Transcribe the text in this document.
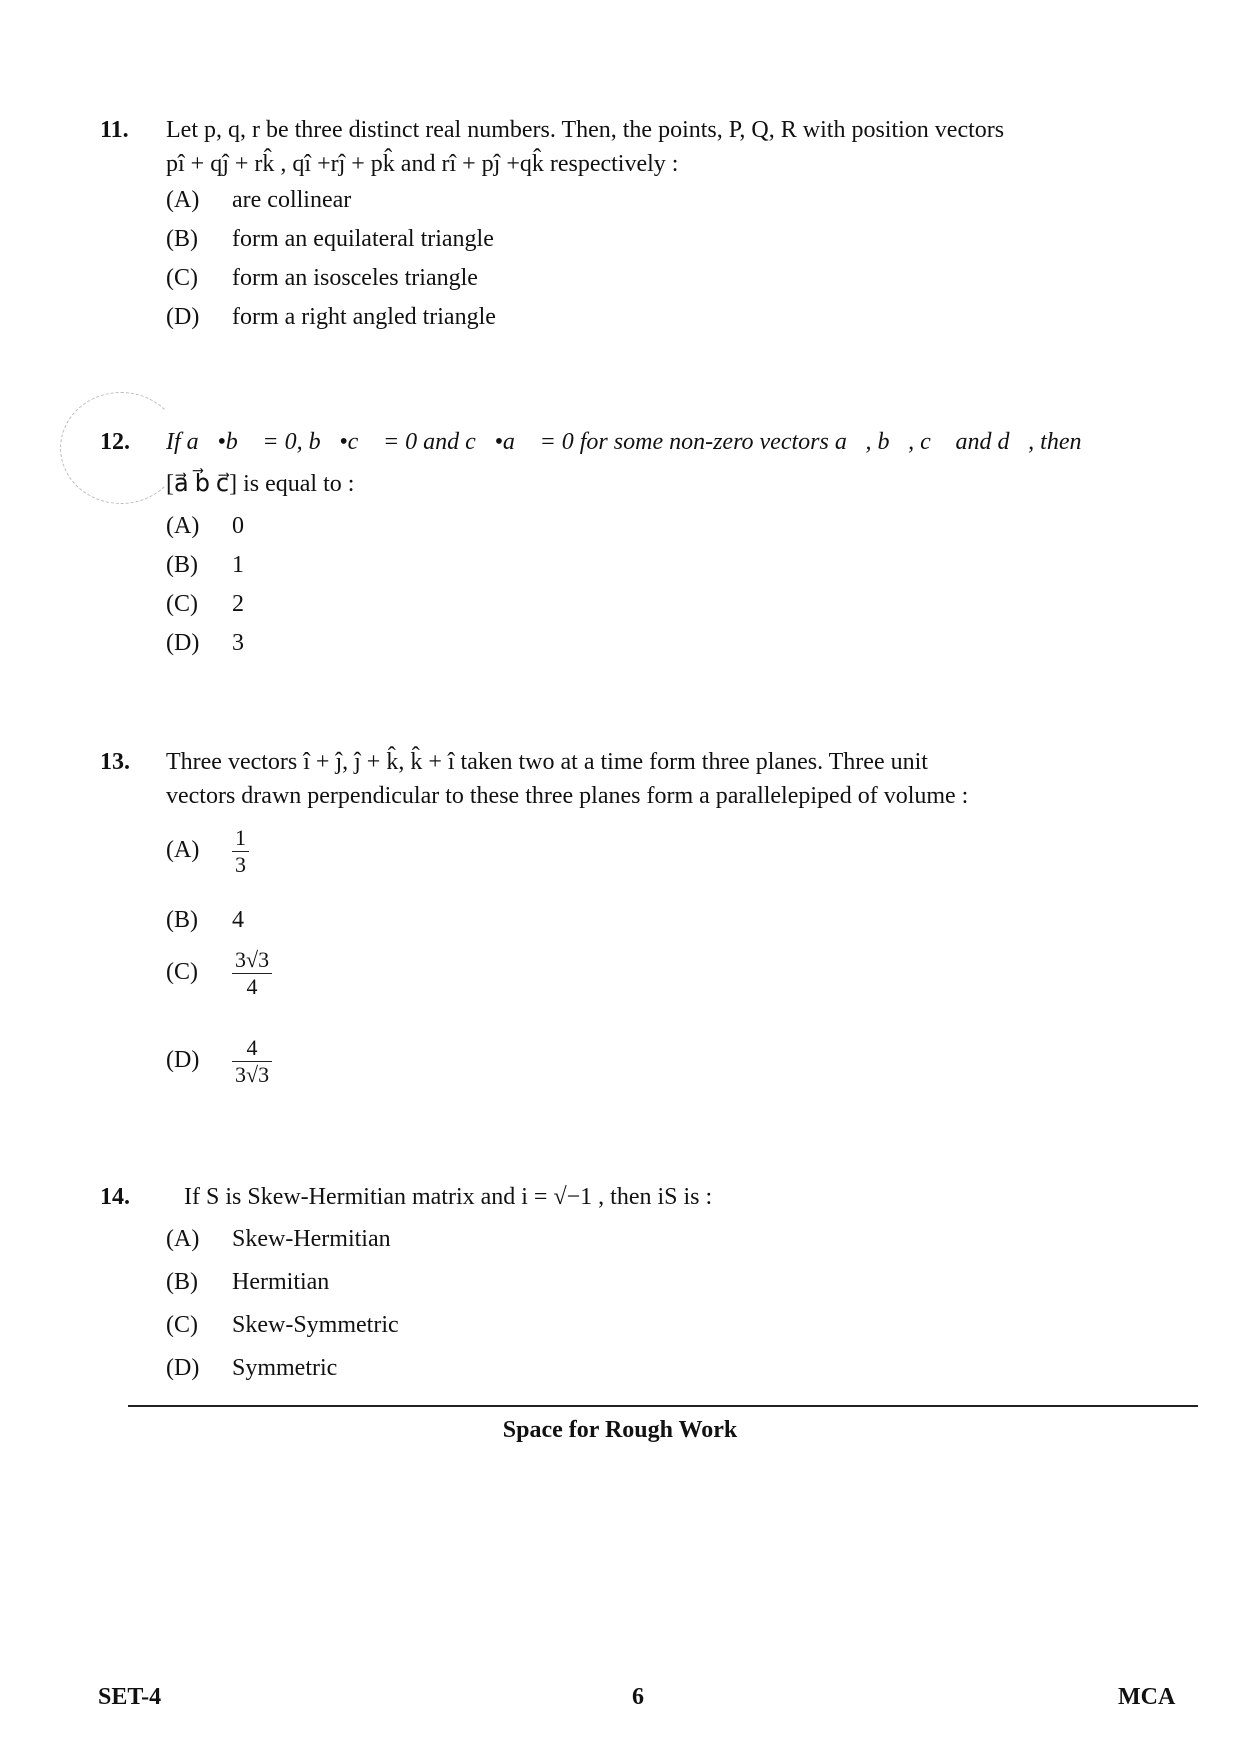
11. Let p, q, r be three distinct real numbers. Then, the points, P, Q, R with position vectors
pî + qĵ + rk̂ , qî +rĵ + pk̂ and rî + pĵ +qk̂ respectively :
(A) are collinear
(B) form an equilateral triangle
(C) form an isosceles triangle
(D) form a right angled triangle
12. If a⃗•b⃗ = 0, b⃗•c⃗ = 0 and c⃗•a⃗ = 0 for some non-zero vectors a⃗, b⃗, c⃗ and d⃗, then
[a⃗ b⃗ c⃗] is equal to :
(A) 0
(B) 1
(C) 2
(D) 3
13. Three vectors î + ĵ, ĵ + k̂, k̂ + î taken two at a time form three planes. Three unit
vectors drawn perpendicular to these three planes form a parallelepiped of volume :
$(A) \frac{1}{3}$
(B) 4
$(C) \frac{3√3}{4}$
$(D) \frac{4}{3√3}$
14. If S is Skew-Hermitian matrix and i = √−1 , then iS is :
(A) Skew-Hermitian
(B) Hermitian
(C) Skew-Symmetric
(D) Symmetric
Space for Rough Work
SET-4	6	MCA
